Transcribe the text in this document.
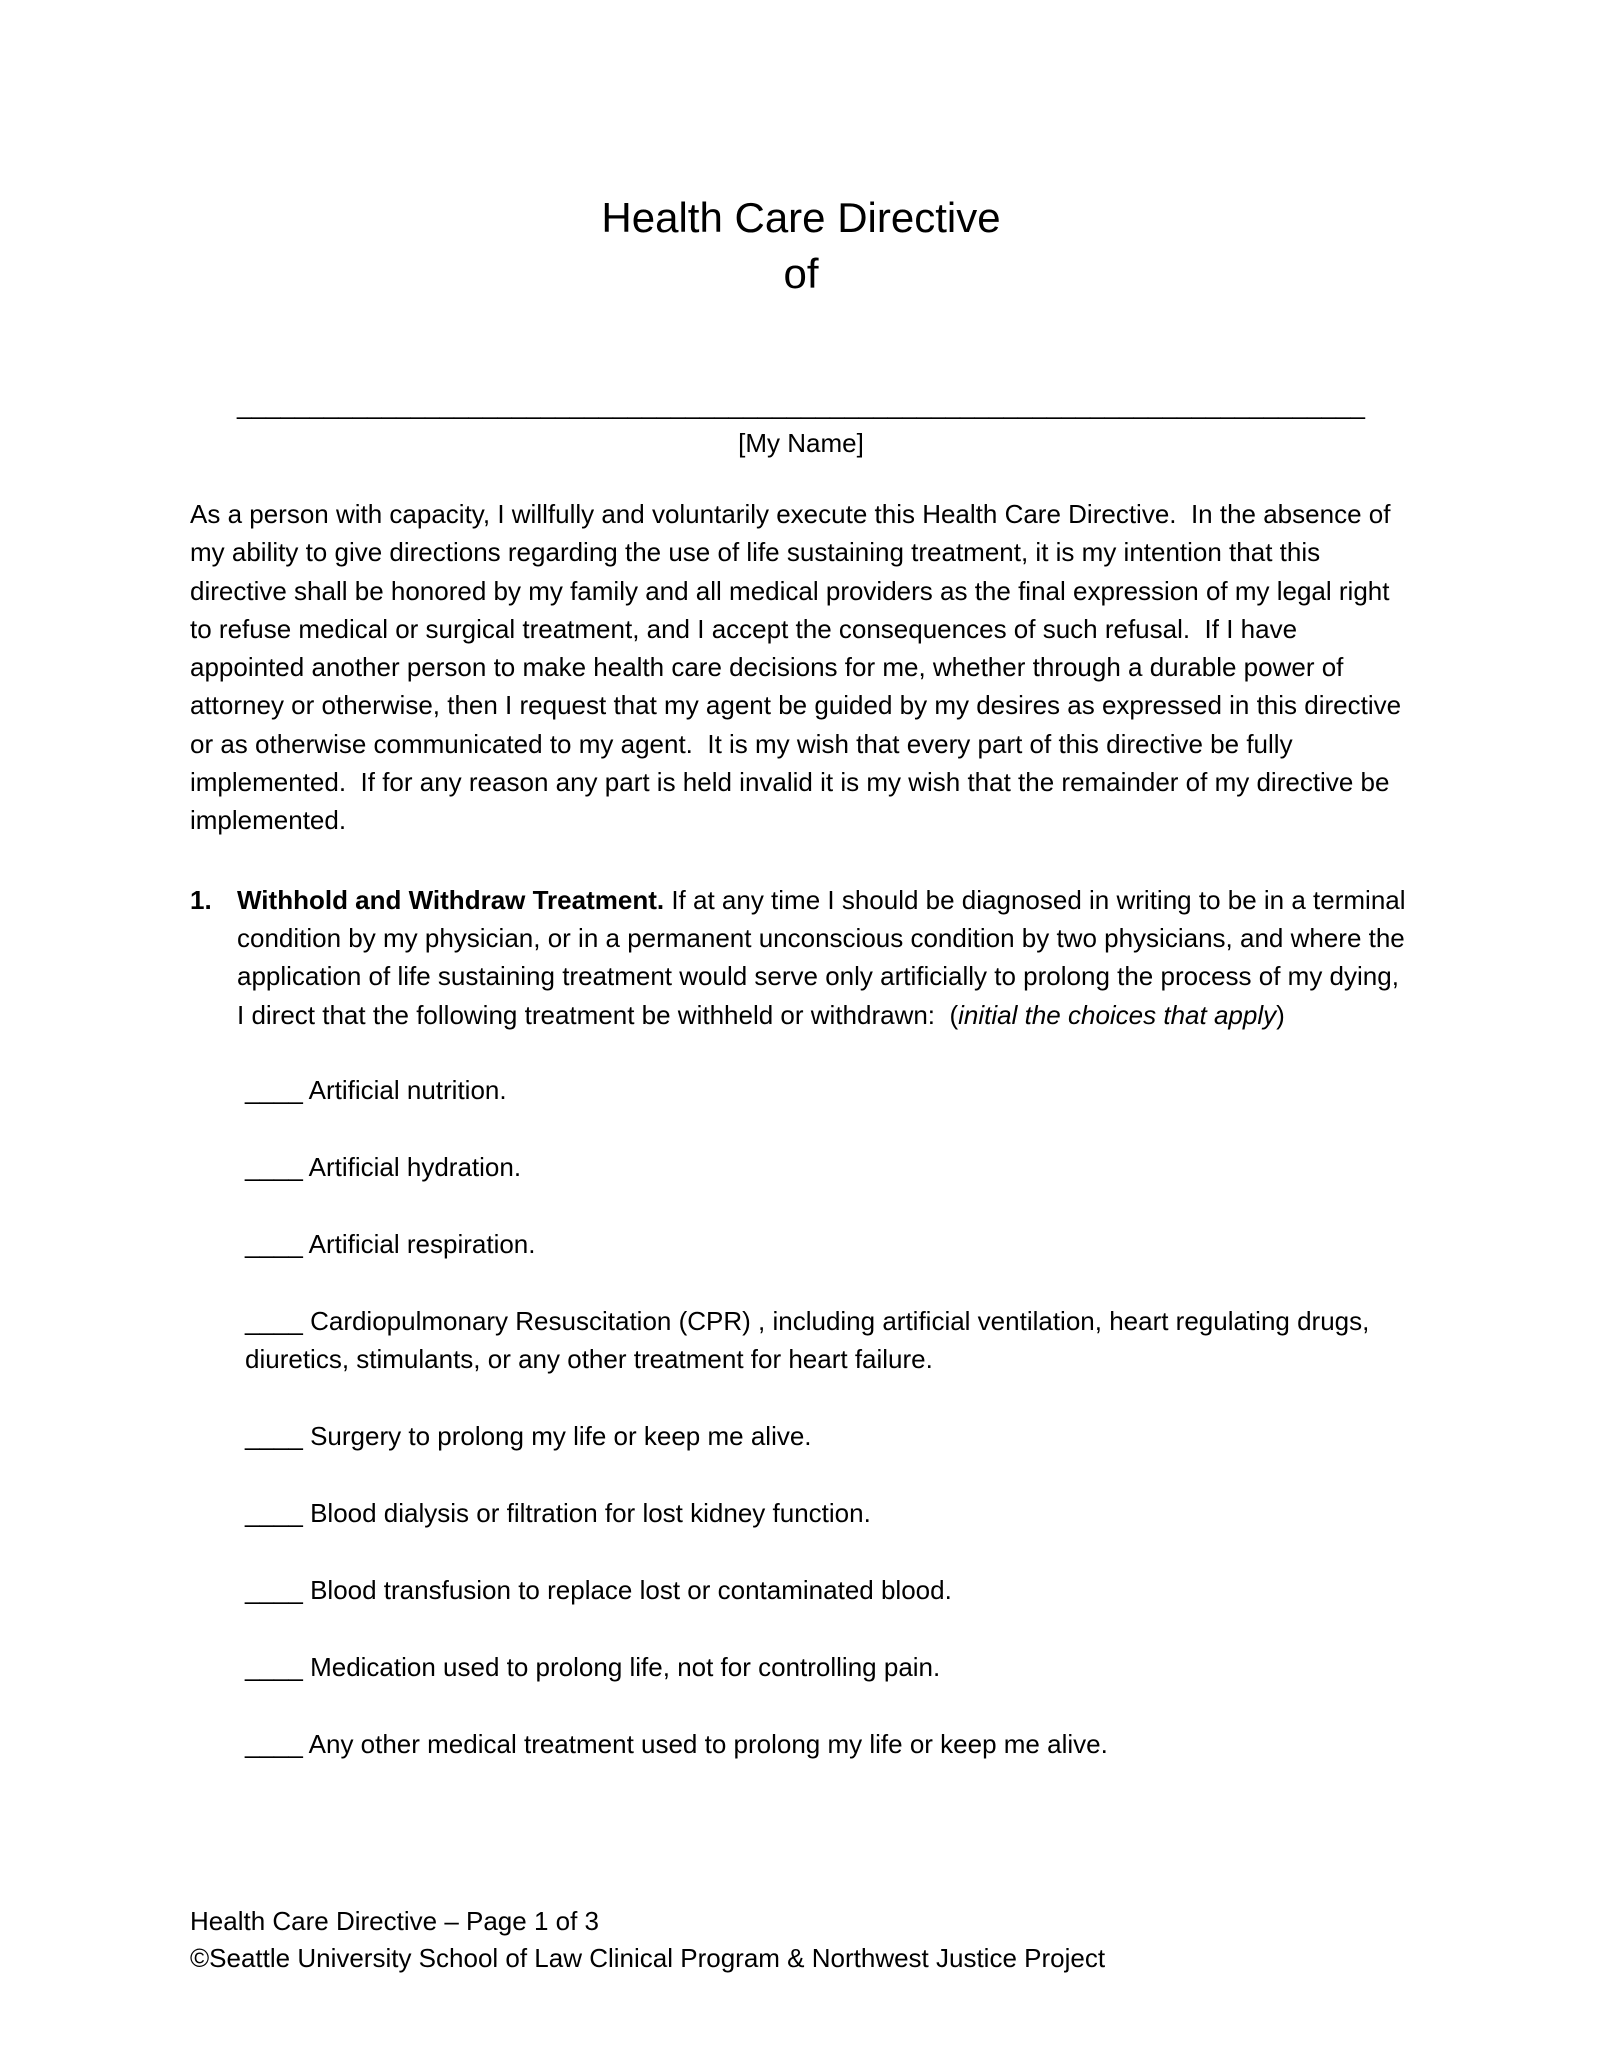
Health Care Directive
of
______________________________________________________________________________
[My Name]

As a person with capacity, I willfully and voluntarily execute this Health Care Directive.  In the absence of my ability to give directions regarding the use of life sustaining treatment, it is my intention that this directive shall be honored by my family and all medical providers as the final expression of my legal right to refuse medical or surgical treatment, and I accept the consequences of such refusal.  If I have appointed another person to make health care decisions for me, whether through a durable power of attorney or otherwise, then I request that my agent be guided by my desires as expressed in this directive or as otherwise communicated to my agent.  It is my wish that every part of this directive be fully implemented.  If for any reason any part is held invalid it is my wish that the remainder of my directive be implemented.

1. Withhold and Withdraw Treatment. If at any time I should be diagnosed in writing to be in a terminal condition by my physician, or in a permanent unconscious condition by two physicians, and where the application of life sustaining treatment would serve only artificially to prolong the process of my dying, I direct that the following treatment be withheld or withdrawn:  (initial the choices that apply)

____ Artificial nutrition.

____ Artificial hydration.

____ Artificial respiration.

____ Cardiopulmonary Resuscitation (CPR) , including artificial ventilation, heart regulating drugs, diuretics, stimulants, or any other treatment for heart failure.

____ Surgery to prolong my life or keep me alive.

____ Blood dialysis or filtration for lost kidney function.

____ Blood transfusion to replace lost or contaminated blood.

____ Medication used to prolong life, not for controlling pain.

____ Any other medical treatment used to prolong my life or keep me alive.

Health Care Directive – Page 1 of 3
©Seattle University School of Law Clinical Program & Northwest Justice Project
